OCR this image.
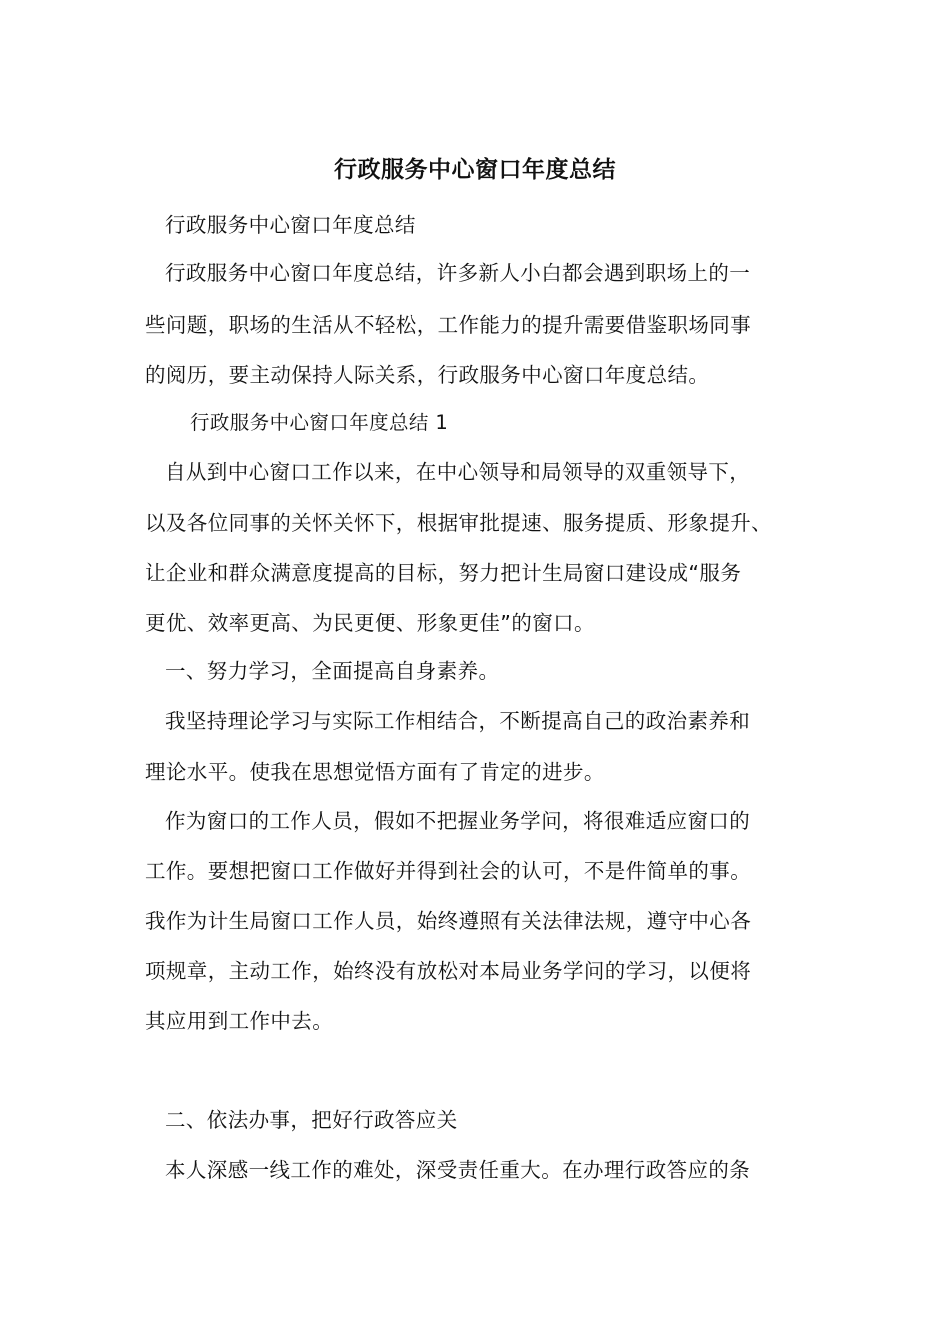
行政服务中心窗口年度总结
行政服务中心窗口年度总结
行政服务中心窗口年度总结，许多新人小白都会遇到职场上的一
些问题，职场的生活从不轻松，工作能力的提升需要借鉴职场同事
的阅历，要主动保持人际关系，行政服务中心窗口年度总结。
行政服务中心窗口年度总结 1
自从到中心窗口工作以来，在中心领导和局领导的双重领导下，
以及各位同事的关怀关怀下，根据审批提速、服务提质、形象提升、
让企业和群众满意度提高的目标，努力把计生局窗口建设成“服务
更优、效率更高、为民更便、形象更佳”的窗口。
一、努力学习，全面提高自身素养。
我坚持理论学习与实际工作相结合，不断提高自己的政治素养和
理论水平。使我在思想觉悟方面有了肯定的进步。
作为窗口的工作人员，假如不把握业务学问，将很难适应窗口的
工作。要想把窗口工作做好并得到社会的认可，不是件简单的事。
我作为计生局窗口工作人员，始终遵照有关法律法规，遵守中心各
项规章，主动工作，始终没有放松对本局业务学问的学习，以便将
其应用到工作中去。
二、依法办事，把好行政答应关
本人深感一线工作的难处，深受责任重大。在办理行政答应的条
